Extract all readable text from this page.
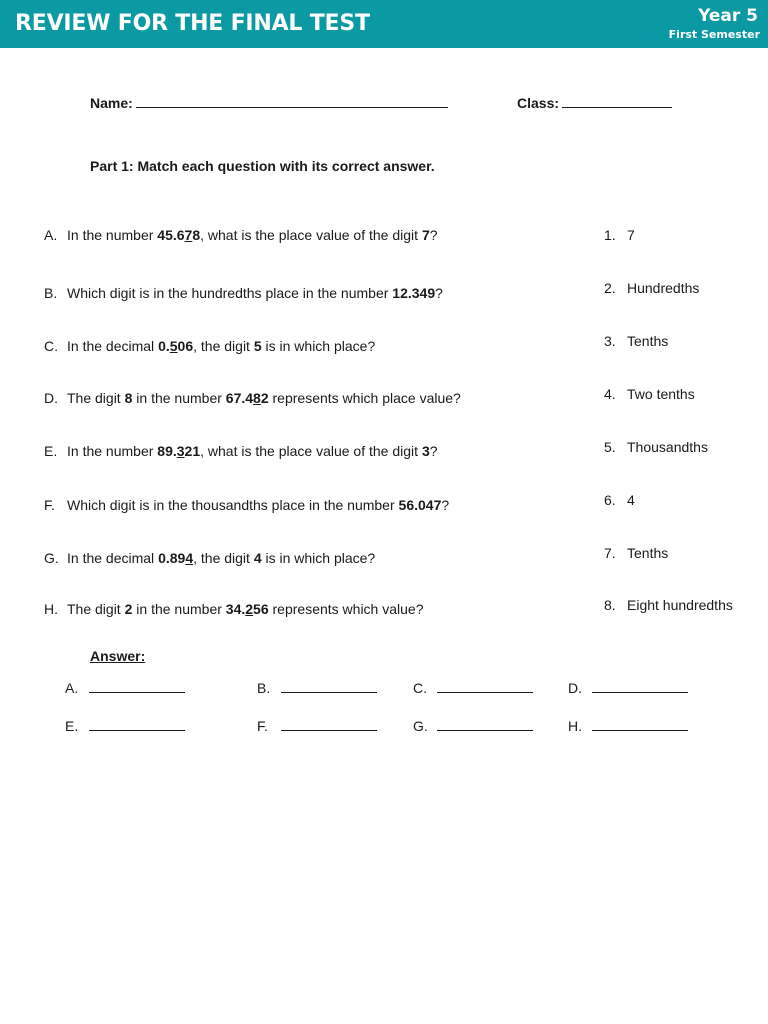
REVIEW FOR THE FINAL TEST	Year 5
First Semester
Name:	Class:
Part 1: Match each question with its correct answer.
A. In the number 45.678, what is the place value of the digit 7?
B. Which digit is in the hundredths place in the number 12.349?
C. In the decimal 0.506, the digit 5 is in which place?
D. The digit 8 in the number 67.482 represents which place value?
E. In the number 89.321, what is the place value of the digit 3?
F. Which digit is in the thousandths place in the number 56.047?
G. In the decimal 0.894, the digit 4 is in which place?
H. The digit 2 in the number 34.256 represents which value?
1. 7
2. Hundredths
3. Tenths
4. Two tenths
5. Thousandths
6. 4
7. Tenths
8. Eight hundredths
Answer:
A.	B.	C.	D.
E.	F.	G.	H.
